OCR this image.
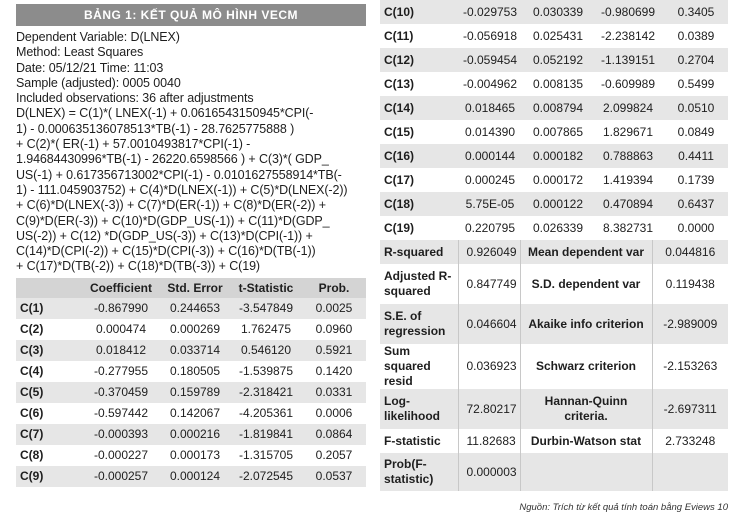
BẢNG 1: KẾT QUẢ MÔ HÌNH VECM
Dependent Variable: D(LNEX)
Method: Least Squares
Date: 05/12/21 Time: 11:03
Sample (adjusted): 0005 0040
Included observations: 36 after adjustments
D(LNEX) = C(1)*( LNEX(-1) + 0.0616543150945*CPI(-
1) - 0.000635136078513*TB(-1) - 28.7625775888 )
+ C(2)*( ER(-1) + 57.0010493817*CPI(-1) -
1.94684430996*TB(-1) - 26220.6598566 ) + C(3)*( GDP_
US(-1) + 0.617356713002*CPI(-1) - 0.0101627558914*TB(-
1) - 111.045903752) + C(4)*D(LNEX(-1)) + C(5)*D(LNEX(-2))
+ C(6)*D(LNEX(-3)) + C(7)*D(ER(-1)) + C(8)*D(ER(-2)) +
C(9)*D(ER(-3)) + C(10)*D(GDP_US(-1)) + C(11)*D(GDP_
US(-2)) + C(12) *D(GDP_US(-3)) + C(13)*D(CPI(-1)) +
C(14)*D(CPI(-2)) + C(15)*D(CPI(-3)) + C(16)*D(TB(-1))
+ C(17)*D(TB(-2)) + C(18)*D(TB(-3)) + C(19)
	Coefficient	Std. Error	t-Statistic	Prob.
C(1)	-0.867990	0.244653	-3.547849	0.0025
C(2)	0.000474	0.000269	1.762475	0.0960
C(3)	0.018412	0.033714	0.546120	0.5921
C(4)	-0.277955	0.180505	-1.539875	0.1420
C(5)	-0.370459	0.159789	-2.318421	0.0331
C(6)	-0.597442	0.142067	-4.205361	0.0006
C(7)	-0.000393	0.000216	-1.819841	0.0864
C(8)	-0.000227	0.000173	-1.315705	0.2057
C(9)	-0.000257	0.000124	-2.072545	0.0537
C(10)	-0.029753	0.030339	-0.980699	0.3405
C(11)	-0.056918	0.025431	-2.238142	0.0389
C(12)	-0.059454	0.052192	-1.139151	0.2704
C(13)	-0.004962	0.008135	-0.609989	0.5499
C(14)	0.018465	0.008794	2.099824	0.0510
C(15)	0.014390	0.007865	1.829671	0.0849
C(16)	0.000144	0.000182	0.788863	0.4411
C(17)	0.000245	0.000172	1.419394	0.1739
C(18)	5.75E-05	0.000122	0.470894	0.6437
C(19)	0.220795	0.026339	8.382731	0.0000
R-squared	0.926049	Mean dependent var	0.044816
Adjusted R-squared	0.847749	S.D. dependent var	0.119438
S.E. of regression	0.046604	Akaike info criterion	-2.989009
Sum squared resid	0.036923	Schwarz criterion	-2.153263
Log-likelihood	72.80217	Hannan-Quinn criteria.	-2.697311
F-statistic	11.82683	Durbin-Watson stat	2.733248
Prob(F-statistic)	0.000003		
Nguồn: Trích từ kết quả tính toán bằng Eviews 10
